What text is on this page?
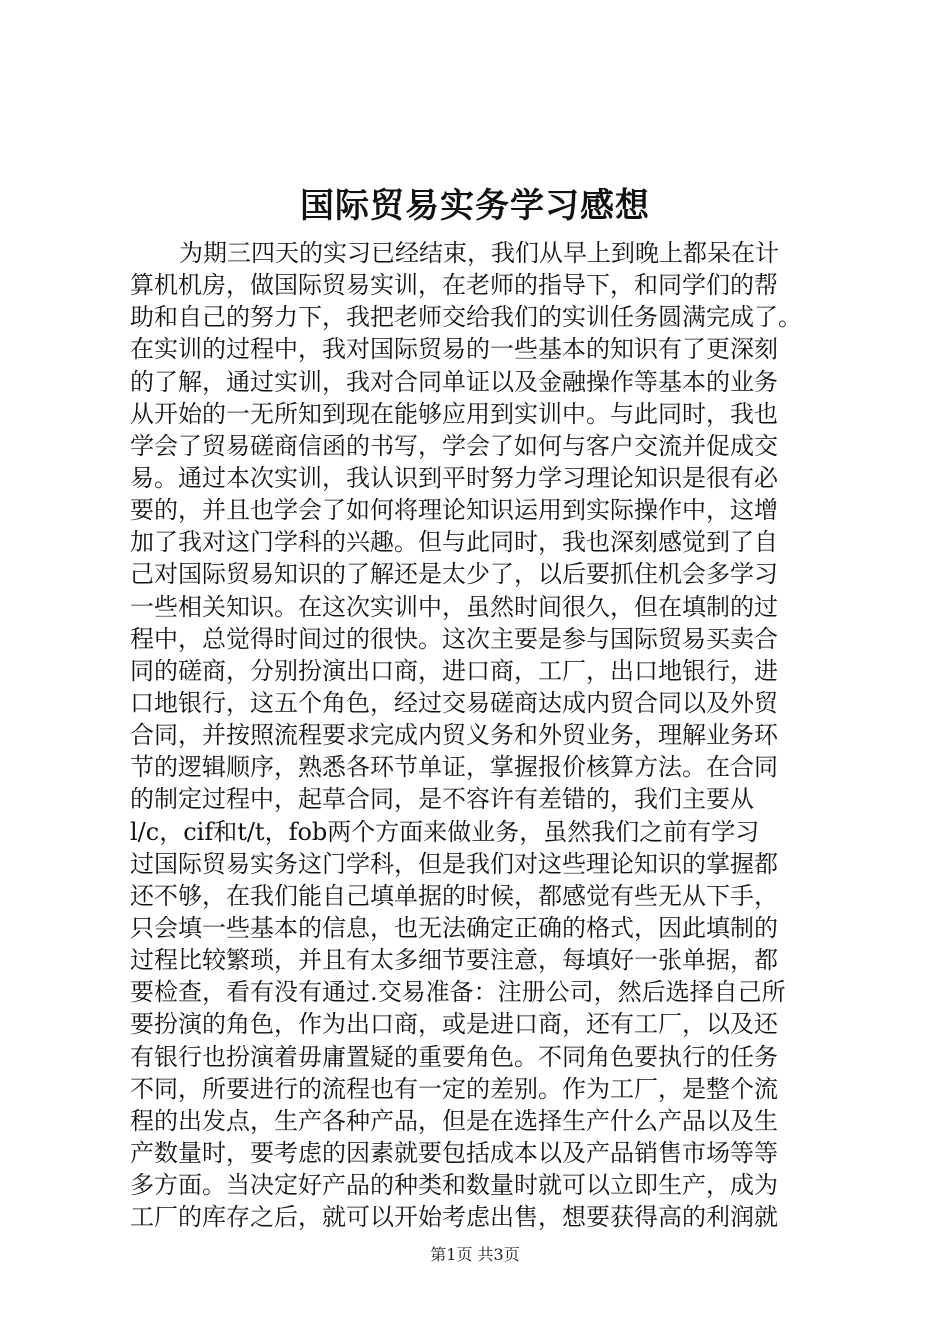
国际贸易实务学习感想
为期三四天的实习已经结束，我们从早上到晚上都呆在计
算机机房，做国际贸易实训，在老师的指导下，和同学们的帮
助和自己的努力下，我把老师交给我们的实训任务圆满完成了。
在实训的过程中，我对国际贸易的一些基本的知识有了更深刻
的了解，通过实训，我对合同单证以及金融操作等基本的业务
从开始的一无所知到现在能够应用到实训中。与此同时，我也
学会了贸易磋商信函的书写，学会了如何与客户交流并促成交
易。通过本次实训，我认识到平时努力学习理论知识是很有必
要的，并且也学会了如何将理论知识运用到实际操作中，这增
加了我对这门学科的兴趣。但与此同时，我也深刻感觉到了自
己对国际贸易知识的了解还是太少了，以后要抓住机会多学习
一些相关知识。在这次实训中，虽然时间很久，但在填制的过
程中，总觉得时间过的很快。这次主要是参与国际贸易买卖合
同的磋商，分别扮演出口商，进口商，工厂，出口地银行，进
口地银行，这五个角色，经过交易磋商达成内贸合同以及外贸
合同，并按照流程要求完成内贸义务和外贸业务，理解业务环
节的逻辑顺序，熟悉各环节单证，掌握报价核算方法。在合同
的制定过程中，起草合同，是不容许有差错的，我们主要从
l/c，cif和t/t，fob两个方面来做业务，虽然我们之前有学习
过国际贸易实务这门学科，但是我们对这些理论知识的掌握都
还不够，在我们能自己填单据的时候，都感觉有些无从下手，
只会填一些基本的信息，也无法确定正确的格式，因此填制的
过程比较繁琐，并且有太多细节要注意，每填好一张单据，都
要检查，看有没有通过.交易准备：注册公司，然后选择自己所
要扮演的角色，作为出口商，或是进口商，还有工厂，以及还
有银行也扮演着毋庸置疑的重要角色。不同角色要执行的任务
不同，所要进行的流程也有一定的差别。作为工厂，是整个流
程的出发点，生产各种产品，但是在选择生产什么产品以及生
产数量时，要考虑的因素就要包括成本以及产品销售市场等等
多方面。当决定好产品的种类和数量时就可以立即生产，成为
工厂的库存之后，就可以开始考虑出售，想要获得高的利润就
第1页 共3页
